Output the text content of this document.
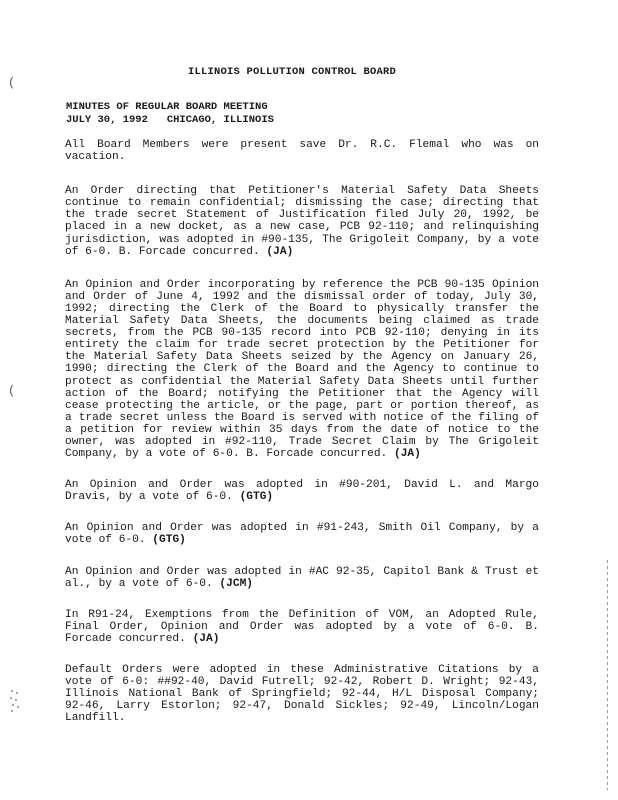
(
(
ILLINOIS POLLUTION CONTROL BOARD
MINUTES OF REGULAR BOARD MEETING
JULY 30, 1992   CHICAGO, ILLINOIS

All Board Members were present save Dr. R.C. Flemal who was on vacation.

An Order directing that Petitioner's Material Safety Data Sheets continue to remain confidential; dismissing the case; directing that the trade secret Statement of Justification filed July 20, 1992, be placed in a new docket, as a new case, PCB 92-110; and relinquishing jurisdiction, was adopted in #90-135, The Grigoleit Company, by a vote of 6-0. B. Forcade concurred. (JA)

An Opinion and Order incorporating by reference the PCB 90-135 Opinion and Order of June 4, 1992 and the dismissal order of today, July 30, 1992; directing the Clerk of the Board to physically transfer the Material Safety Data Sheets, the documents being claimed as trade secrets, from the PCB 90-135 record into PCB 92-110; denying in its entirety the claim for trade secret protection by the Petitioner for the Material Safety Data Sheets seized by the Agency on January 26, 1990; directing the Clerk of the Board and the Agency to continue to protect as confidential the Material Safety Data Sheets until further action of the Board; notifying the Petitioner that the Agency will cease protecting the article, or the page, part or portion thereof, as a trade secret unless the Board is served with notice of the filing of a petition for review within 35 days from the date of notice to the owner, was adopted in #92-110, Trade Secret Claim by The Grigoleit Company, by a vote of 6-0. B. Forcade concurred. (JA)

An Opinion and Order was adopted in #90-201, David L. and Margo Dravis, by a vote of 6-0. (GTG)

An Opinion and Order was adopted in #91-243, Smith Oil Company, by a vote of 6-0. (GTG)

An Opinion and Order was adopted in #AC 92-35, Capitol Bank & Trust et al., by a vote of 6-0. (JCM)

In R91-24, Exemptions from the Definition of VOM, an Adopted Rule, Final Order, Opinion and Order was adopted by a vote of 6-0. B. Forcade concurred. (JA)

Default Orders were adopted in these Administrative Citations by a vote of 6-0: ##92-40, David Futrell; 92-42, Robert D. Wright; 92-43, Illinois National Bank of Springfield; 92-44, H/L Disposal Company; 92-46, Larry Estorlon; 92-47, Donald Sickles; 92-49, Lincoln/Logan Landfill.
